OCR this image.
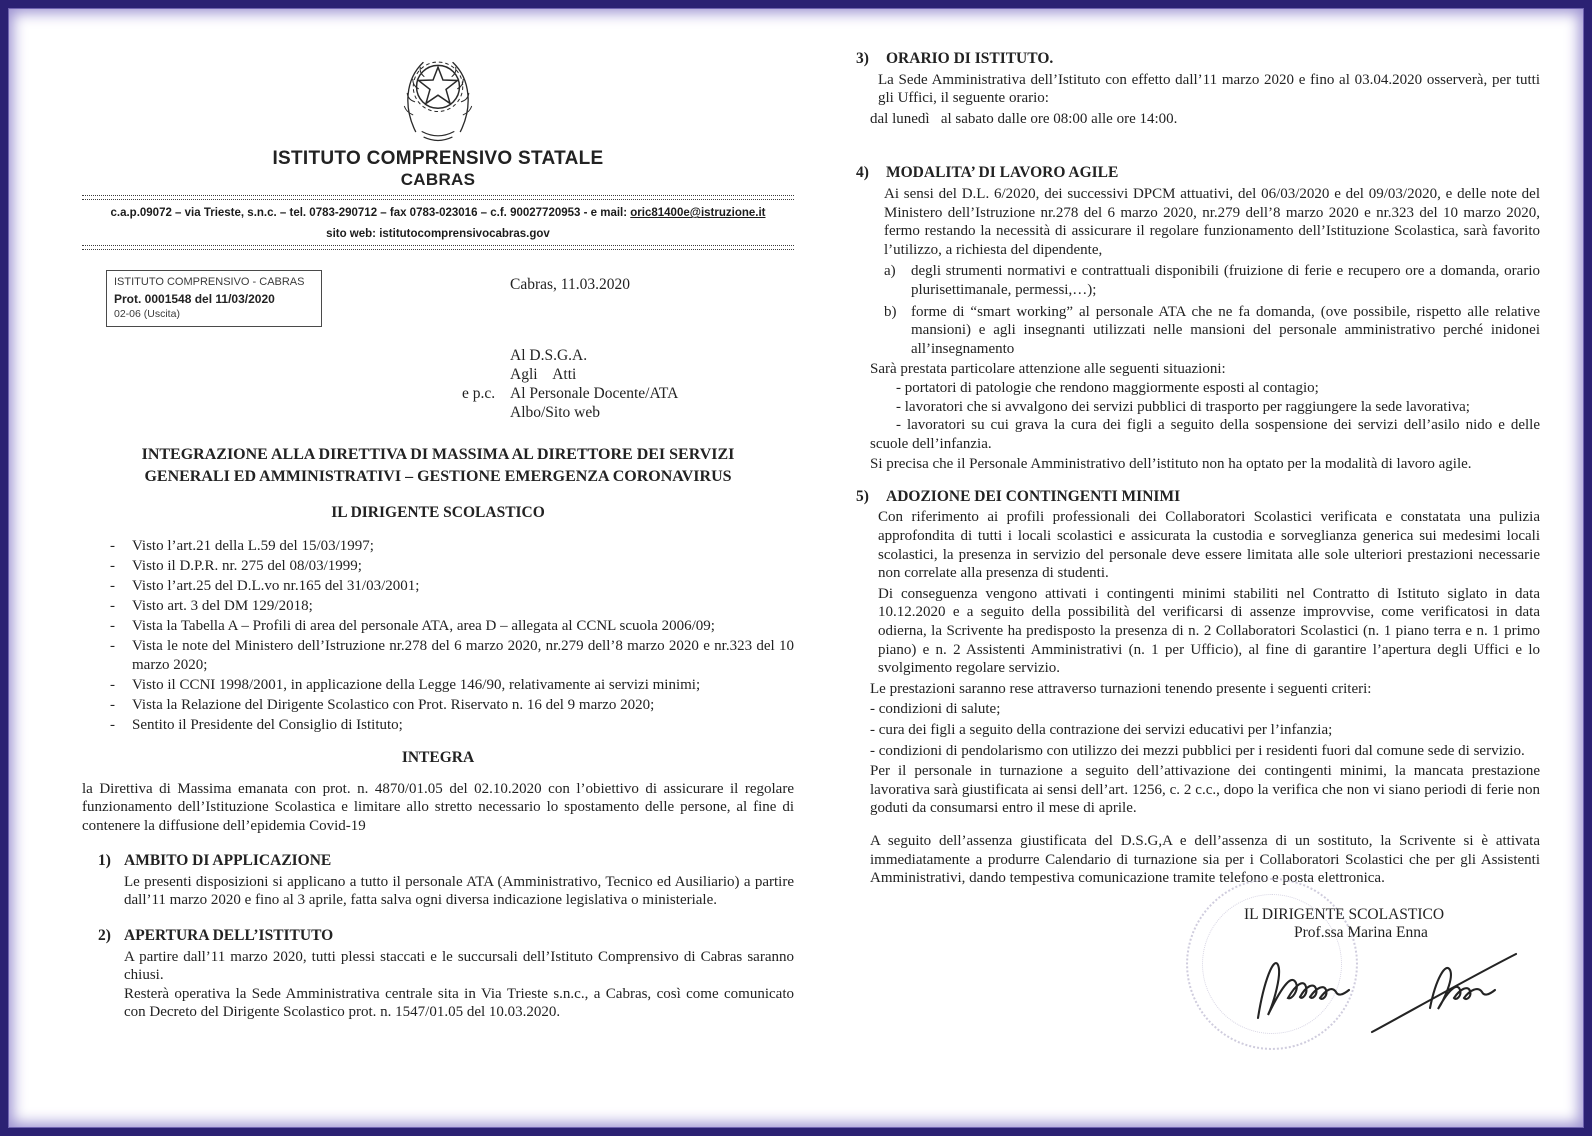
ISTITUTO COMPRENSIVO STATALE
CABRAS
c.a.p.09072 – via Trieste, s.n.c. – tel. 0783-290712 – fax 0783-023016 – c.f. 90027720953 - e mail: oric81400e@istruzione.it
sito web: istitutocomprensivocabras.gov
ISTITUTO COMPRENSIVO - CABRAS
Prot. 0001548 del 11/03/2020
02-06 (Uscita)
Cabras, 11.03.2020
Al D.S.G.A.
Agli    Atti
e p.c. Al Personale Docente/ATA
Albo/Sito web
INTEGRAZIONE ALLA DIRETTIVA DI MASSIMA AL DIRETTORE DEI SERVIZI
GENERALI ED AMMINISTRATIVI – GESTIONE EMERGENZA CORONAVIRUS
IL DIRIGENTE SCOLASTICO
- Visto l’art.21 della L.59 del 15/03/1997;
- Visto il D.P.R. nr. 275 del 08/03/1999;
- Visto l’art.25 del D.L.vo nr.165 del 31/03/2001;
- Visto art. 3 del DM 129/2018;
- Vista la Tabella A – Profili di area del personale ATA, area D – allegata al CCNL scuola 2006/09;
- Vista le note del Ministero dell’Istruzione nr.278 del 6 marzo 2020, nr.279 dell’8 marzo 2020 e nr.323 del 10 marzo 2020;
- Visto il CCNI 1998/2001, in applicazione della Legge 146/90, relativamente ai servizi minimi;
- Vista la Relazione del Dirigente Scolastico con Prot. Riservato n. 16 del 9 marzo 2020;
- Sentito il Presidente del Consiglio di Istituto;
INTEGRA
la Direttiva di Massima emanata con prot. n. 4870/01.05 del 02.10.2020 con l’obiettivo di assicurare il regolare funzionamento dell’Istituzione Scolastica e limitare allo stretto necessario lo spostamento delle persone, al fine di contenere la diffusione dell’epidemia Covid-19
1) AMBITO DI APPLICAZIONE

Le presenti disposizioni si applicano a tutto il personale ATA (Amministrativo, Tecnico ed Ausiliario) a partire dall’11 marzo 2020 e fino al 3 aprile, fatta salva ogni diversa indicazione legislativa o ministeriale.

2) APERTURA DELL’ISTITUTO

A partire dall’11 marzo 2020, tutti plessi staccati e le succursali dell’Istituto Comprensivo di Cabras saranno chiusi.

Resterà operativa la Sede Amministrativa centrale sita in Via Trieste s.n.c., a Cabras, così come comunicato con Decreto del Dirigente Scolastico prot. n. 1547/01.05 del 10.03.2020.

3)	ORARIO DI ISTITUTO.
La Sede Amministrativa dell’Istituto con effetto dall’11 marzo 2020 e fino al 03.04.2020 osserverà, per tutti gli Uffici, il seguente orario:
dal lunedì   al sabato dalle ore 08:00 alle ore 14:00.
4)	MODALITA’ DI LAVORO AGILE
Ai sensi del D.L. 6/2020, dei successivi DPCM attuativi, del 06/03/2020 e del 09/03/2020, e delle note del Ministero dell’Istruzione nr.278 del 6 marzo 2020, nr.279 dell’8 marzo 2020 e nr.323 del 10 marzo 2020, fermo restando la necessità di assicurare il regolare funzionamento dell’Istituzione Scolastica, sarà favorito l’utilizzo, a richiesta del dipendente,
a)	degli strumenti normativi e contrattuali disponibili (fruizione di ferie e recupero ore a domanda, orario plurisettimanale, permessi,…);
b) forme di “smart working” al personale ATA che ne fa domanda, (ove possibile, rispetto alle relative mansioni) e agli insegnanti utilizzati nelle mansioni del personale amministrativo perché inidonei all’insegnamento
Sarà prestata particolare attenzione alle seguenti situazioni:
- portatori di patologie che rendono maggiormente esposti al contagio;
- lavoratori che si avvalgono dei servizi pubblici di trasporto per raggiungere la sede lavorativa;
- lavoratori su cui grava la cura dei figli a seguito della sospensione dei servizi dell’asilo nido e delle scuole dell’infanzia.
Si precisa che il Personale Amministrativo dell’istituto non ha optato per la modalità di lavoro agile.
5)	ADOZIONE DEI CONTINGENTI MINIMI
Con riferimento ai profili professionali dei Collaboratori Scolastici verificata e constatata una pulizia approfondita di tutti i locali scolastici e assicurata la custodia e sorveglianza generica sui medesimi locali scolastici, la presenza in servizio del personale deve essere limitata alle sole ulteriori prestazioni necessarie non correlate alla presenza di studenti.
Di conseguenza vengono attivati i contingenti minimi stabiliti nel Contratto di Istituto siglato in data 10.12.2020 e a seguito della possibilità del verificarsi di assenze improvvise, come verificatosi in data odierna, la Scrivente ha predisposto la presenza di n. 2 Collaboratori Scolastici (n. 1 piano terra e n. 1 primo piano) e n. 2 Assistenti Amministrativi (n. 1 per Ufficio), al fine di garantire l’apertura degli Uffici e lo svolgimento regolare servizio.
Le prestazioni saranno rese attraverso turnazioni tenendo presente i seguenti criteri:
- condizioni di salute;
- cura dei figli a seguito della contrazione dei servizi educativi per l’infanzia;
- condizioni di pendolarismo con utilizzo dei mezzi pubblici per i residenti fuori dal comune sede di servizio.
Per il personale in turnazione a seguito dell’attivazione dei contingenti minimi, la mancata prestazione lavorativa sarà giustificata ai sensi dell’art. 1256, c. 2 c.c., dopo la verifica che non vi siano periodi di ferie non goduti da consumarsi entro il mese di aprile.
A seguito dell’assenza giustificata del D.S.G,A e dell’assenza di un sostituto, la Scrivente si è attivata immediatamente a produrre Calendario di turnazione sia per i Collaboratori Scolastici che per gli Assistenti Amministrativi, dando tempestiva comunicazione tramite telefono e posta elettronica.
IL DIRIGENTE SCOLASTICO
Prof.ssa Marina Enna
